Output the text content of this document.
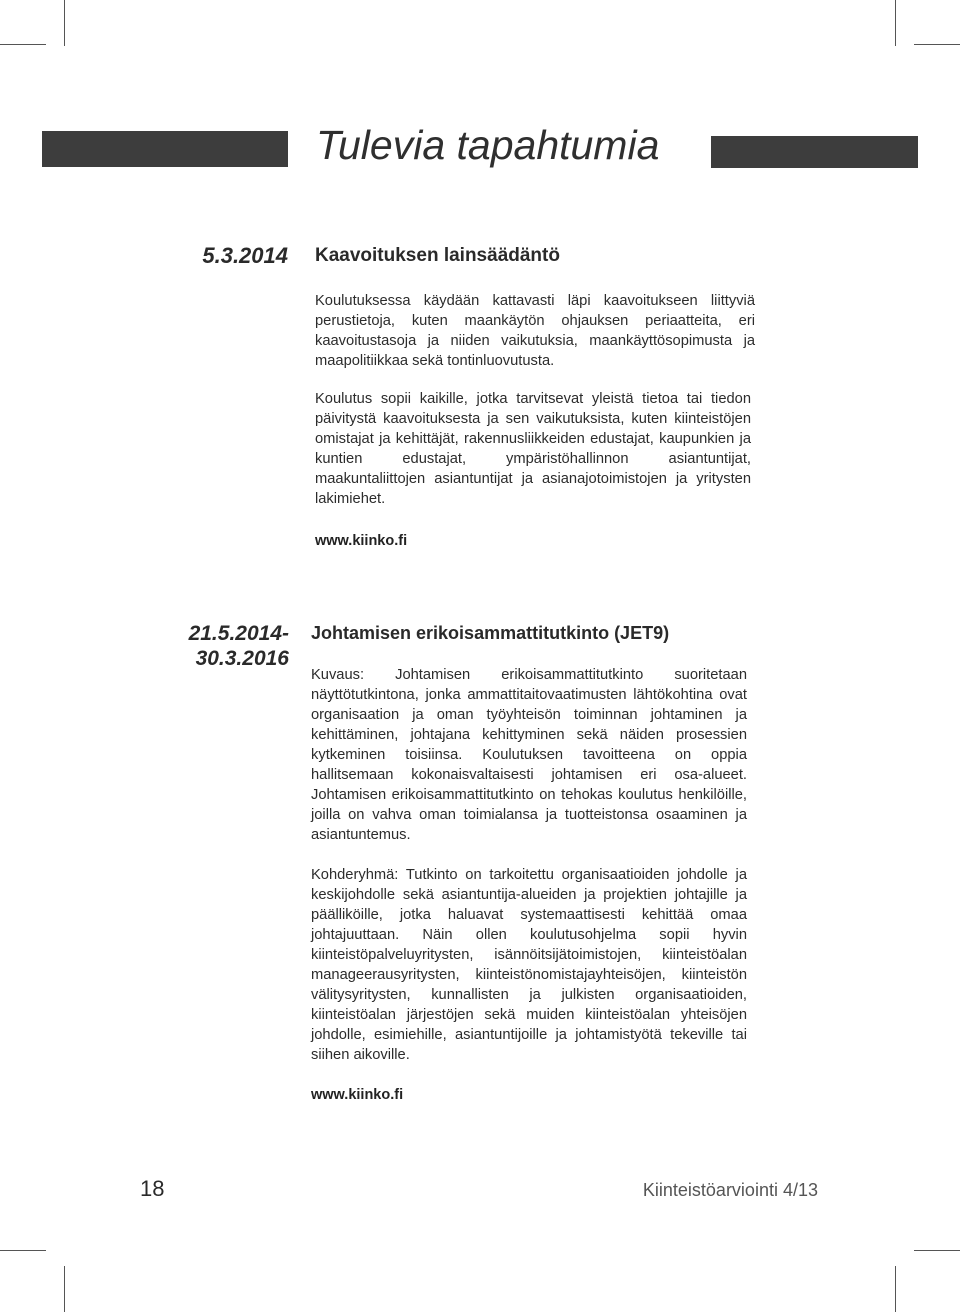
Tulevia tapahtumia
5.3.2014 Kaavoituksen lainsäädäntö

Koulutuksessa käydään kattavasti läpi kaavoitukseen liittyviä perustietoja, kuten maankäytön ohjauksen periaatteita, eri kaavoitustasoja ja niiden vaikutuksia, maankäyttösopimusta ja maapolitiikkaa sekä tontinluovutusta.

Koulutus sopii kaikille, jotka tarvitsevat yleistä tietoa tai tiedon päivitystä kaavoituksesta ja sen vaikutuksista, kuten kiinteistöjen omistajat ja kehittäjät, rakennusliikkeiden edustajat, kaupunkien ja kuntien edustajat, ympäristöhallinnon asiantuntijat, maakuntaliittojen asiantuntijat ja asianajotoimistojen ja yritysten lakimiehet.

www.kiinko.fi
21.5.2014-
30.3.2016
Johtamisen erikoisammattitutkinto (JET9)

Kuvaus: Johtamisen erikoisammattitutkinto suoritetaan näyttötutkintona, jonka ammattitaitovaatimusten lähtökohtina ovat organisaation ja oman työyhteisön toiminnan johtaminen ja kehittäminen, johtajana kehittyminen sekä näiden prosessien kytkeminen toisiinsa. Koulutuksen tavoitteena on oppia hallitsemaan kokonaisvaltaisesti johtamisen eri osa-alueet. Johtamisen erikoisammattitutkinto on tehokas koulutus henkilöille, joilla on vahva oman toimialansa ja tuotteistonsa osaaminen ja asiantuntemus.

Kohderyhmä: Tutkinto on tarkoitettu organisaatioiden johdolle ja keskijohdolle sekä asiantuntija-alueiden ja projektien johtajille ja päälliköille, jotka haluavat systemaattisesti kehittää omaa johtajuuttaan. Näin ollen koulutusohjelma sopii hyvin kiinteistöpalveluyritysten, isännöitsijätoimistojen, kiinteistöalan manageerausyritysten, kiinteistönomistajayhteisöjen, kiinteistön välitysyritysten, kunnallisten ja julkisten organisaatioiden, kiinteistöalan järjestöjen sekä muiden kiinteistöalan yhteisöjen johdolle, esimiehille, asiantuntijoille ja johtamistyötä tekeville tai siihen aikoville.

www.kiinko.fi
18	Kiinteistöarviointi 4/13
